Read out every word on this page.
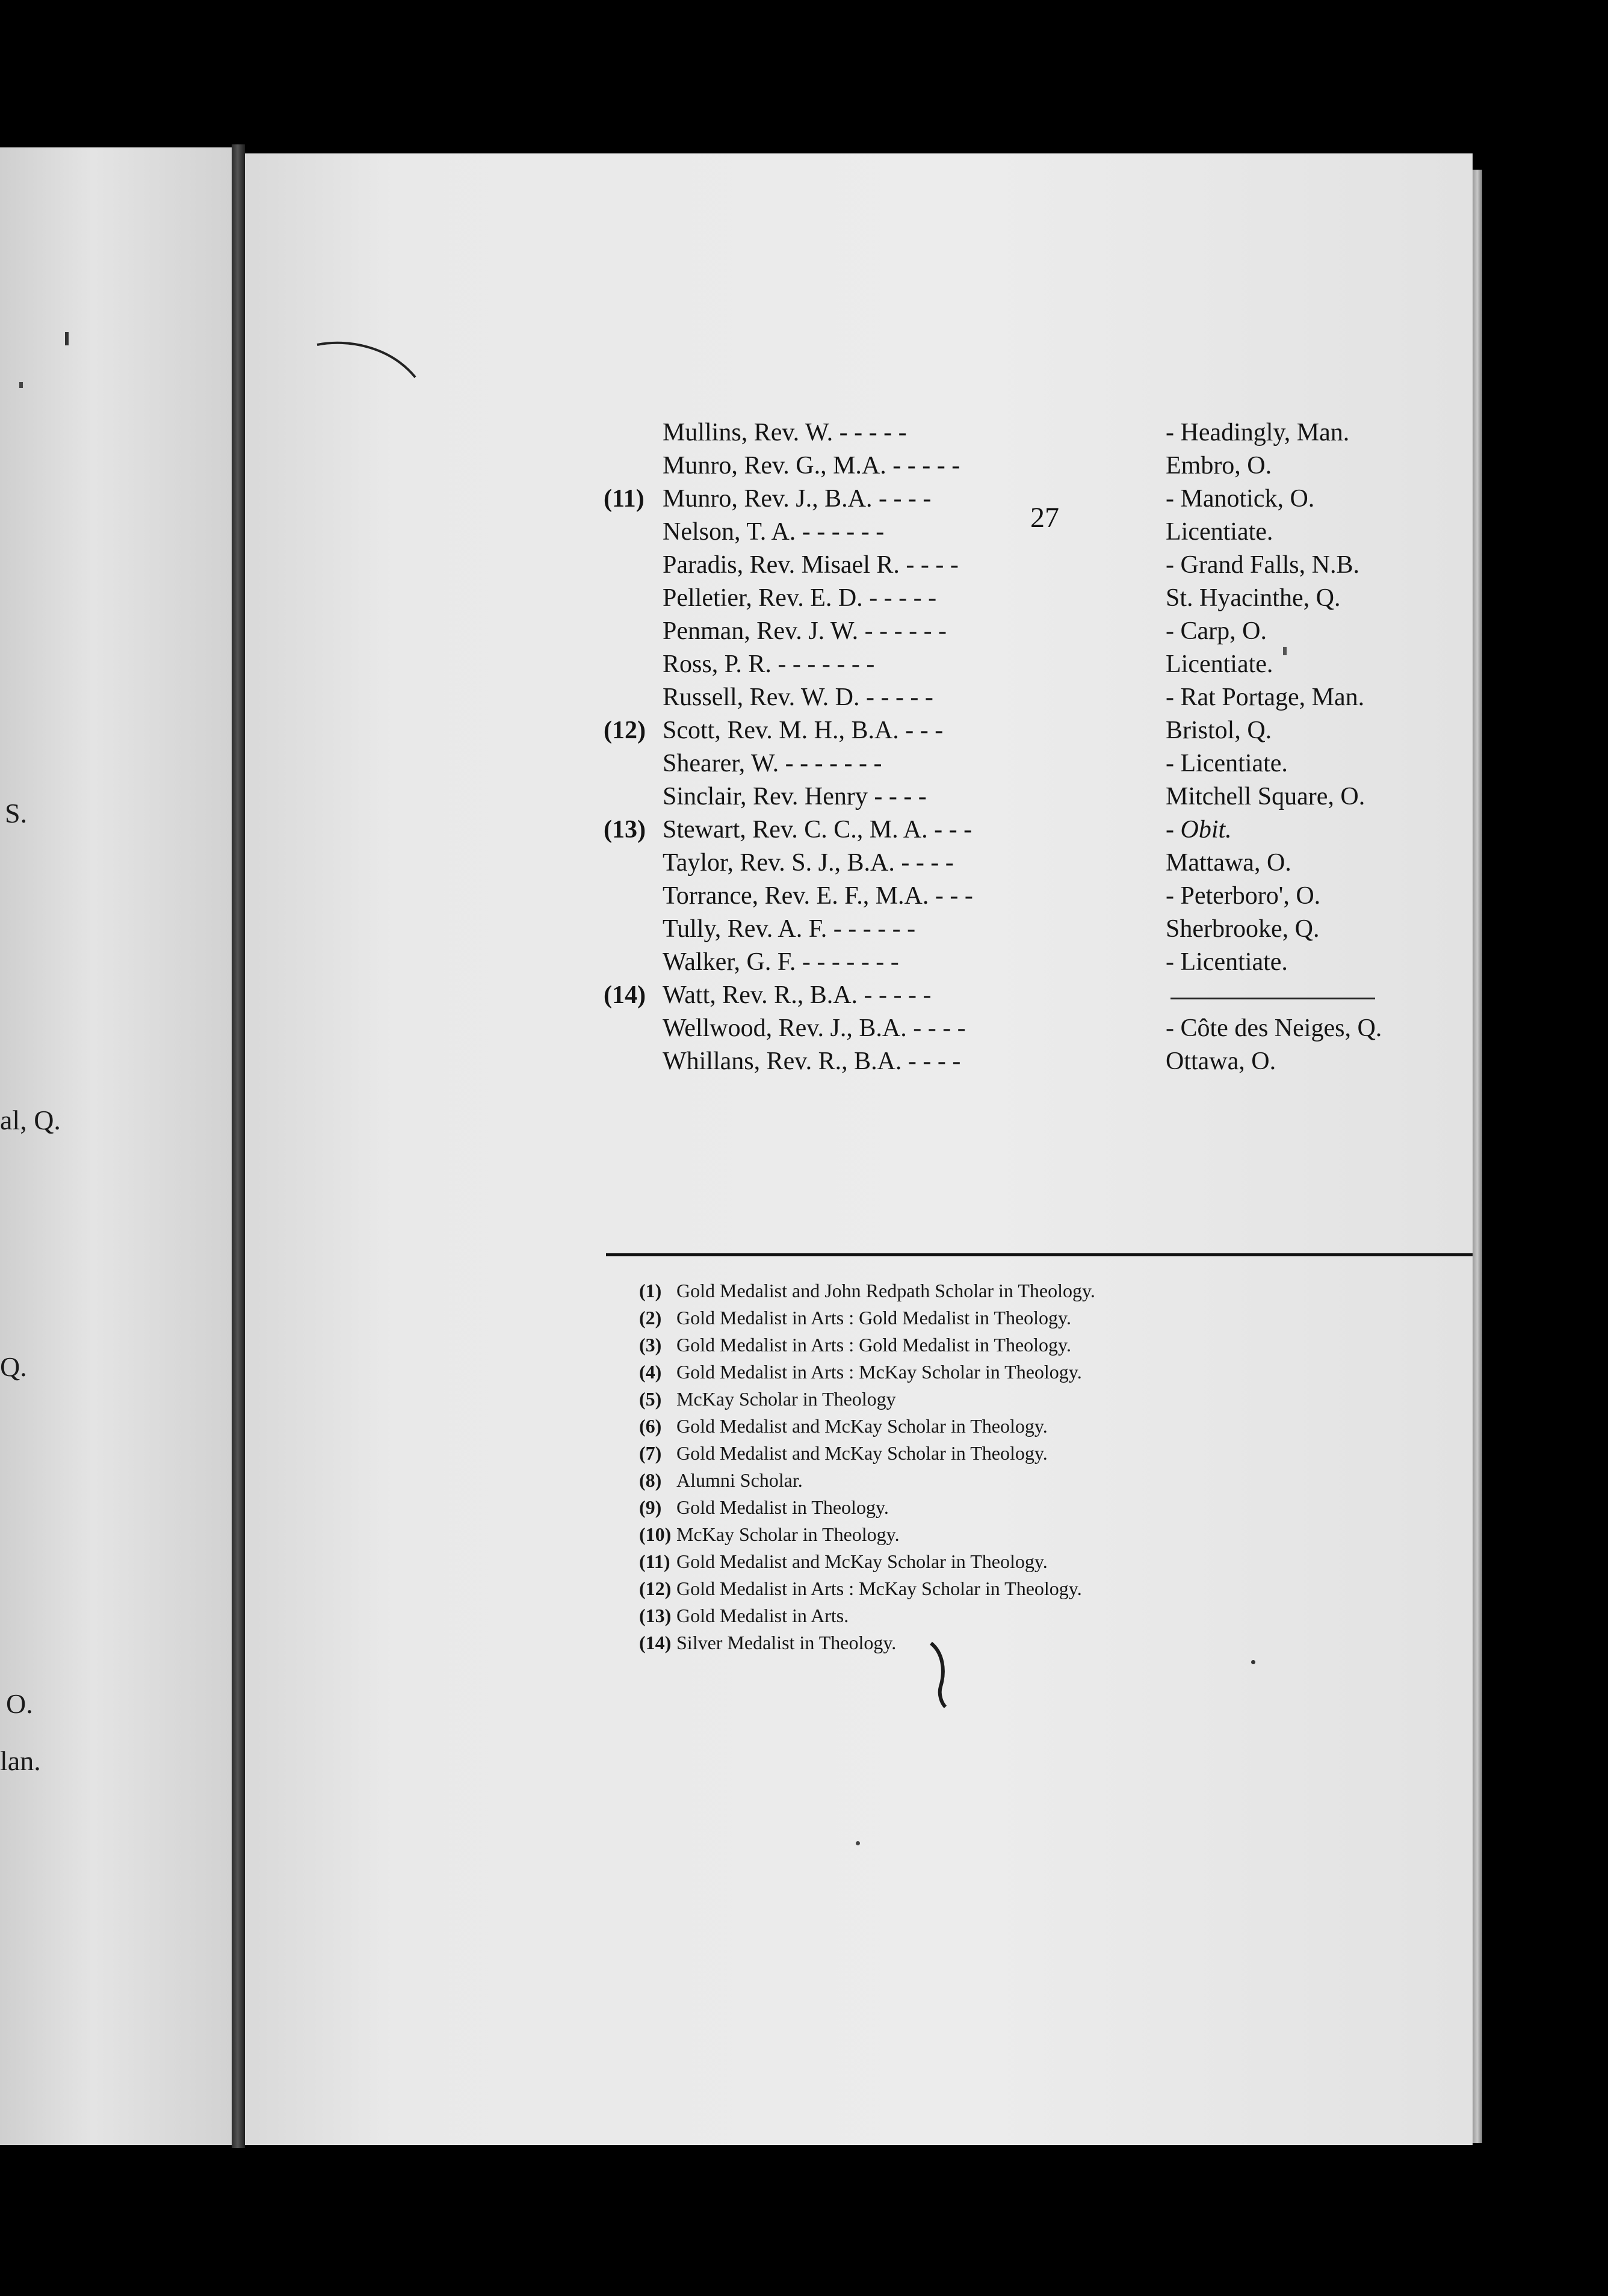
S.
al, Q.
Q.
O.
lan.
27
Mullins, Rev. W. - - - - -	- Headingly, Man.
Munro, Rev. G., M.A. - - - - -	Embro, O.
(11) Munro, Rev. J., B.A. - - - -	- Manotick, O.
Nelson, T. A. - - - - - -	Licentiate.
Paradis, Rev. Misael R. - - - -	- Grand Falls, N.B.
Pelletier, Rev. E. D. - - - - -	St. Hyacinthe, Q.
Penman, Rev. J. W. - - - - - -	- Carp, O.
Ross, P. R. - - - - - - -	Licentiate.
Russell, Rev. W. D. - - - - -	- Rat Portage, Man.
(12) Scott, Rev. M. H., B.A. - - -	Bristol, Q.
Shearer, W. - - - - - - -	- Licentiate.
Sinclair, Rev. Henry - - - -	Mitchell Square, O.
(13) Stewart, Rev. C. C., M. A. - - -	- Obit.
Taylor, Rev. S. J., B.A. - - - -	Mattawa, O.
Torrance, Rev. E. F., M.A. - - -	- Peterboro', O.
Tully, Rev. A. F. - - - - - -	Sherbrooke, Q.
Walker, G. F. - - - - - - -	- Licentiate.
(14) Watt, Rev. R., B.A. - - - - -
Wellwood, Rev. J., B.A. - - - -	- Côte des Neiges, Q.
Whillans, Rev. R., B.A. - - - -	Ottawa, O.
(1) Gold Medalist and John Redpath Scholar in Theology.
(2) Gold Medalist in Arts : Gold Medalist in Theology.
(3) Gold Medalist in Arts : Gold Medalist in Theology.
(4) Gold Medalist in Arts : McKay Scholar in Theology.
(5) McKay Scholar in Theology
(6) Gold Medalist and McKay Scholar in Theology.
(7) Gold Medalist and McKay Scholar in Theology.
(8) Alumni Scholar.
(9) Gold Medalist in Theology.
(10) McKay Scholar in Theology.
(11) Gold Medalist and McKay Scholar in Theology.
(12) Gold Medalist in Arts : McKay Scholar in Theology.
(13) Gold Medalist in Arts.
(14) Silver Medalist in Theology.
